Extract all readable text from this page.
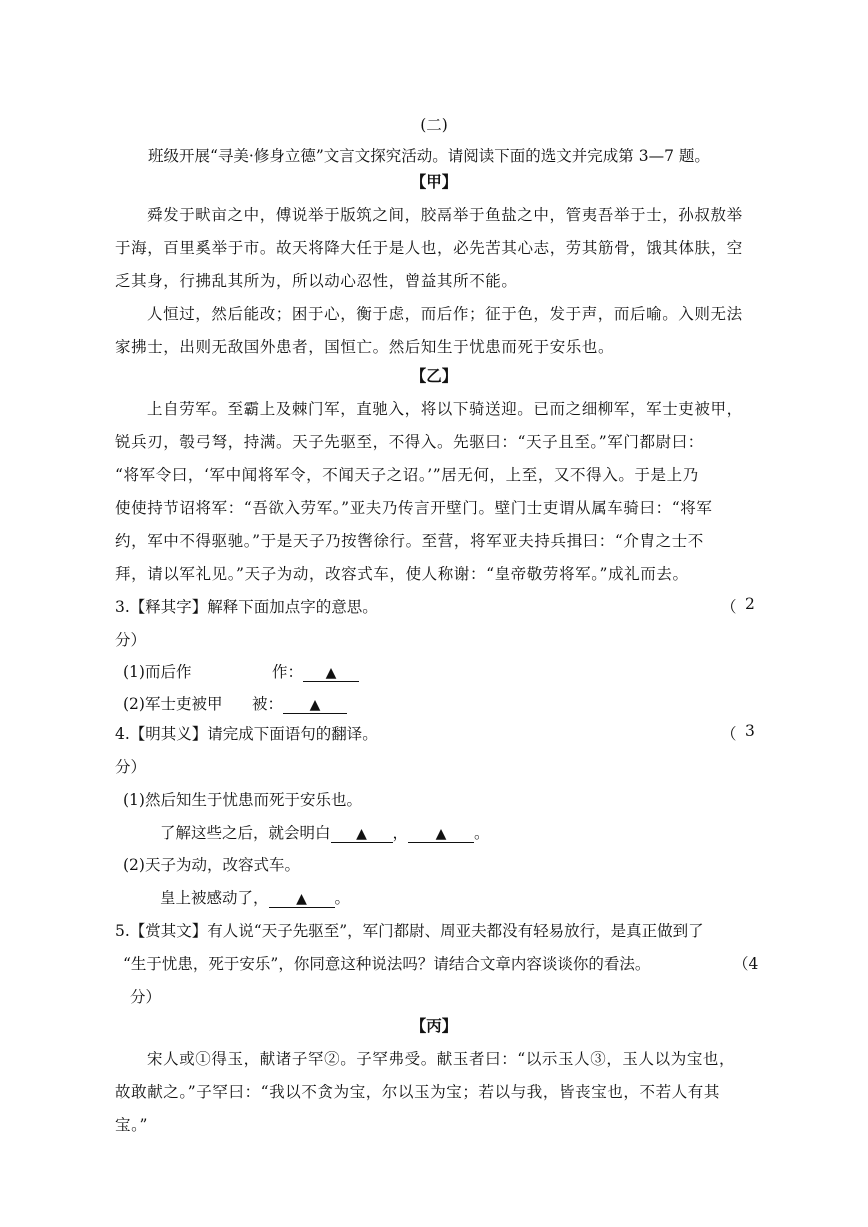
(二)
班级开展“寻美·修身立德”文言文探究活动。请阅读下面的选文并完成第 3—7 题。
【甲】
舜发于畎亩之中，傅说举于版筑之间，胶鬲举于鱼盐之中，管夷吾举于士，孙叔敖举
于海，百里奚举于市。故天将降大任于是人也，必先苦其心志，劳其筋骨，饿其体肤，空
乏其身，行拂乱其所为，所以动心忍性，曾益其所不能。
人恒过，然后能改；困于心，衡于虑，而后作；征于色，发于声，而后喻。入则无法
家拂士，出则无敌国外患者，国恒亡。然后知生于忧患而死于安乐也。
【乙】
上自劳军。至霸上及棘门军，直驰入，将以下骑送迎。已而之细柳军，军士吏被甲，
锐兵刃，彀弓弩，持满。天子先驱至，不得入。先驱曰：“天子且至。”军门都尉曰：
“将军令曰，‘军中闻将军令，不闻天子之诏。’”居无何，上至，又不得入。于是上乃
使使持节诏将军：“吾欲入劳军。”亚夫乃传言开壁门。壁门士吏谓从属车骑曰：“将军
约，军中不得驱驰。”于是天子乃按辔徐行。至营，将军亚夫持兵揖曰：“介胄之士不
拜，请以军礼见。”天子为动，改容式车，使人称谢：“皇帝敬劳将军。”成礼而去。
3.【释其字】解释下面加点字的意思。	（ 2
分）
(1)而后作	作： ▲
(2)军士吏被甲 被： ▲
4.【明其义】请完成下面语句的翻译。	（ 3
分）
(1)然后知生于忧患而死于安乐也。
了解这些之后，就会明白 ▲ ， ▲ 。
(2)天子为动，改容式车。
皇上被感动了， ▲ 。
5.【赏其文】有人说“天子先驱至”，军门都尉、周亚夫都没有轻易放行，是真正做到了
“生于忧患，死于安乐”，你同意这种说法吗？请结合文章内容谈谈你的看法。	（4
分）
【丙】
宋人或①得玉，献诸子罕②。子罕弗受。献玉者曰：“以示玉人③，玉人以为宝也，
故敢献之。”子罕曰：“我以不贪为宝，尔以玉为宝；若以与我，皆丧宝也，不若人有其
宝。”
